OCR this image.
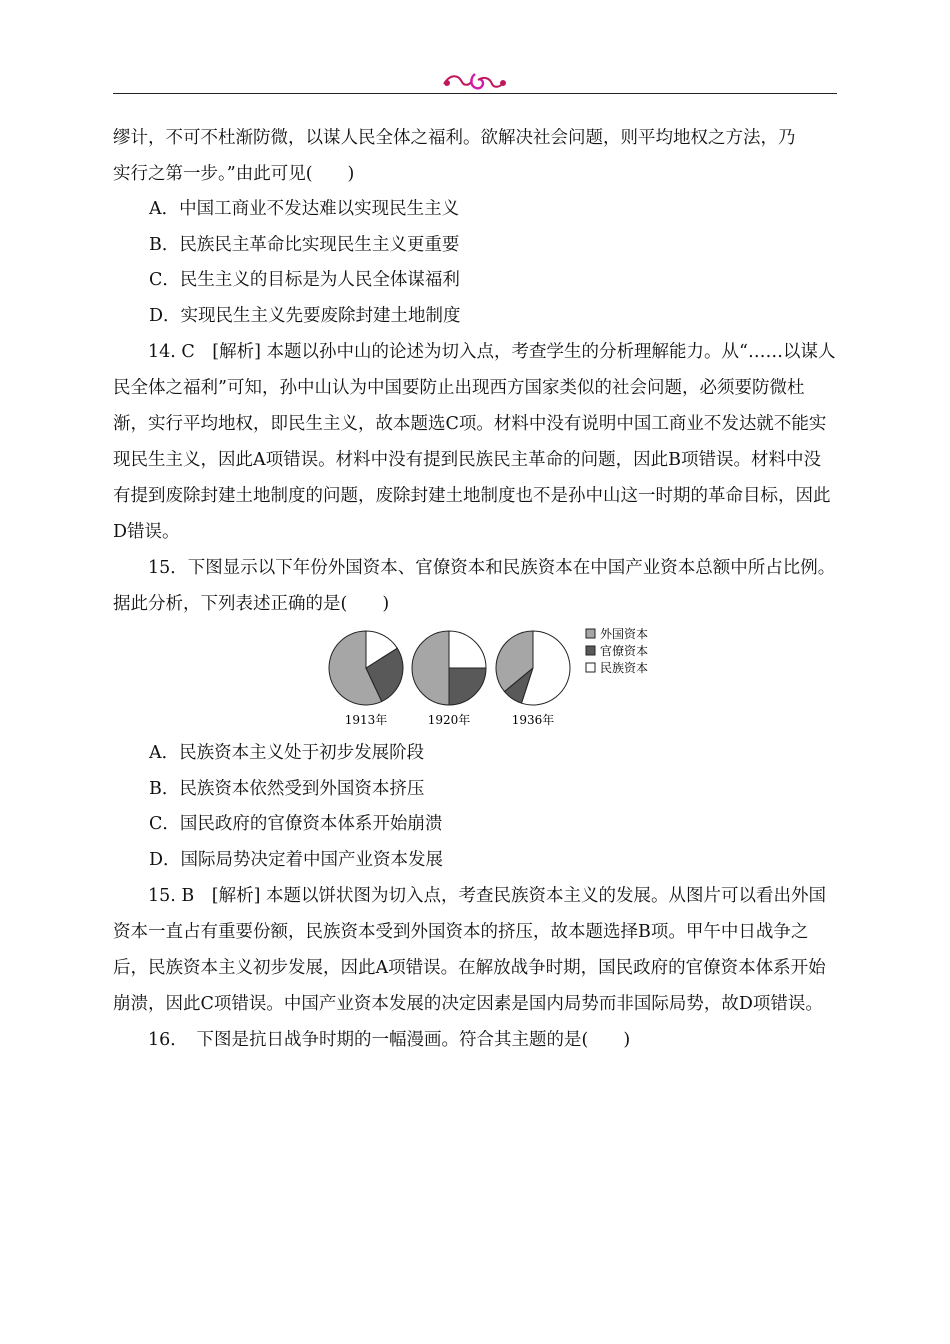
缪计，不可不杜渐防微，以谋人民全体之福利。欲解决社会问题，则平均地权之方法，乃

实行之第一步。”由此可见(　　)

A．中国工商业不发达难以实现民生主义

B．民族民主革命比实现民生主义更重要

C．民生主义的目标是为人民全体谋福利

D．实现民生主义先要废除封建土地制度

14. C　[解析] 本题以孙中山的论述为切入点，考查学生的分析理解能力。从“……以谋人民全体之福利”可知，孙中山认为中国要防止出现西方国家类似的社会问题，必须要防微杜渐，实行平均地权，即民生主义，故本题选C项。材料中没有说明中国工商业不发达就不能实现民生主义，因此A项错误。材料中没有提到民族民主革命的问题，因此B项错误。材料中没有提到废除封建土地制度的问题，废除封建土地制度也不是孙中山这一时期的革命目标，因此D错误。

15．下图显示以下年份外国资本、官僚资本和民族资本在中国产业资本总额中所占比例。据此分析，下列表述正确的是(　　)

1913年	1920年	1936年
外国资本
官僚资本
民族资本

A．民族资本主义处于初步发展阶段

B．民族资本依然受到外国资本挤压

C．国民政府的官僚资本体系开始崩溃

D．国际局势决定着中国产业资本发展

15. B　[解析] 本题以饼状图为切入点，考查民族资本主义的发展。从图片可以看出外国资本一直占有重要份额，民族资本受到外国资本的挤压，故本题选择B项。甲午中日战争之后，民族资本主义初步发展，因此A项错误。在解放战争时期，国民政府的官僚资本体系开始崩溃，因此C项错误。中国产业资本发展的决定因素是国内局势而非国际局势，故D项错误。

16．　下图是抗日战争时期的一幅漫画。符合其主题的是(　　)
